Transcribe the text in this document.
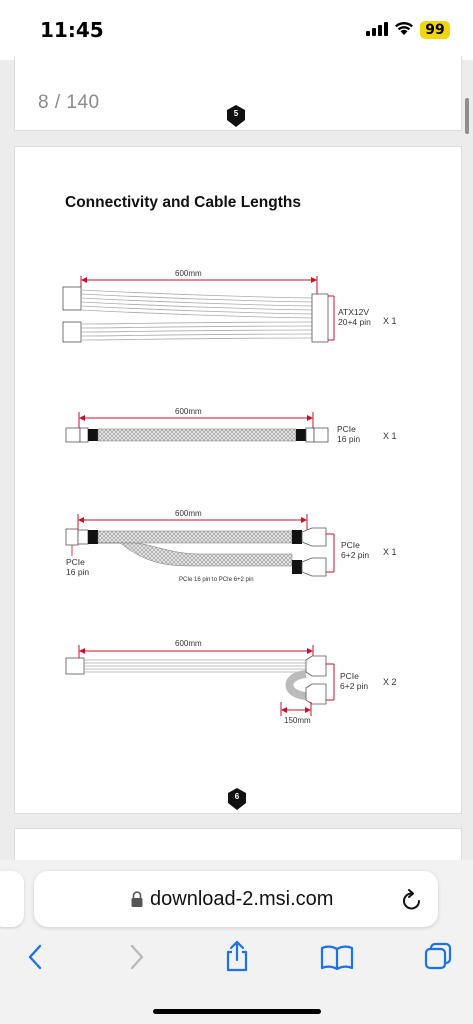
11:45	99
8 / 140
5
Connectivity and Cable Lengths
600mm
ATX12V
20+4 pin X 1
600mm
PCIe
16 pin	X 1
600mm
PCIe
16 pin
PCIe
6+2 pin X 1
PCIe 16 pin to PCIe 6+2 pin
600mm
PCIe
6+2 pin X 2
150mm
6
download-2.msi.com
